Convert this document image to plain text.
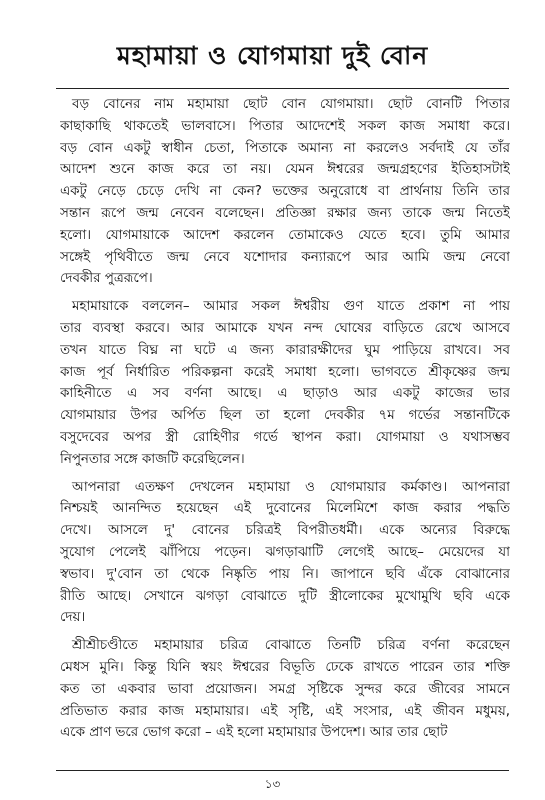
মহামায়া ও যোগমায়া দুই বোন
বড় বোনের নাম মহামায়া ছোট বোন যোগমায়া। ছোট বোনটি পিতার
কাছাকাছি থাকতেই ভালবাসে। পিতার আদেশেই সকল কাজ সমাধা করে।
বড় বোন একটু স্বাধীন চেতা, পিতাকে অমান্য না করলেও সর্বদাই যে তাঁর
আদেশ শুনে কাজ করে তা নয়। যেমন ঈশ্বরের জন্মগ্রহণের ইতিহাসটাই
একটু নেড়ে চেড়ে দেখি না কেন? ভক্তের অনুরোধে বা প্রার্থনায় তিনি তার
সন্তান রূপে জন্ম নেবেন বলেছেন। প্রতিজ্ঞা রক্ষার জন্য তাকে জন্ম নিতেই
হলো। যোগমায়াকে আদেশ করলেন তোমাকেও যেতে হবে। তুমি আমার
সঙ্গেই পৃথিবীতে জন্ম নেবে যশোদার কন্যারূপে আর আমি জন্ম নেবো
দেবকীর পুত্ররূপে।
মহামায়াকে বললেন– আমার সকল ঈশ্বরীয় গুণ যাতে প্রকাশ না পায়
তার ব্যবস্থা করবে। আর আমাকে যখন নন্দ ঘোষের বাড়িতে রেখে আসবে
তখন যাতে বিঘ্ন না ঘটে এ জন্য কারারক্ষীদের ঘুম পাড়িয়ে রাখবে। সব
কাজ পূর্ব নির্ধারিত পরিকল্পনা করেই সমাধা হলো। ভাগবতে শ্রীকৃষ্ণের জন্ম
কাহিনীতে এ সব বর্ণনা আছে। এ ছাড়াও আর একটু কাজের ভার
যোগমায়ার উপর অর্পিত ছিল তা হলো দেবকীর ৭ম গর্ভের সন্তানটিকে
বসুদেবের অপর স্ত্রী রোহিণীর গর্ভে স্থাপন করা। যোগমায়া ও যথাসম্ভব
নিপুনতার সঙ্গে কাজটি করেছিলেন।
আপনারা এতক্ষণ দেখলেন মহামায়া ও যোগমায়ার কর্মকাণ্ড। আপনারা
নিশ্চয়ই আনন্দিত হয়েছেন এই দুবোনের মিলেমিশে কাজ করার পদ্ধতি
দেখে। আসলে দু' বোনের চরিত্রই বিপরীতধর্মী। একে অন্যের বিরুদ্ধে
সুযোগ পেলেই ঝাঁপিয়ে পড়েন। ঝগড়াঝাটি লেগেই আছে– মেয়েদের যা
স্বভাব। দু'বোন তা থেকে নিষ্কৃতি পায় নি। জাপানে ছবি এঁকে বোঝানোর
রীতি আছে। সেখানে ঝগড়া বোঝাতে দুটি স্ত্রীলোকের মুখোমুখি ছবি একে
দেয়।
শ্রীশ্রীচণ্ডীতে মহামায়ার চরিত্র বোঝাতে তিনটি চরিত্র বর্ণনা করেছেন
মেধস মুনি। কিন্তু যিনি স্বয়ং ঈশ্বরের বিভূতি ঢেকে রাখতে পারেন তার শক্তি
কত তা একবার ভাবা প্রয়োজন। সমগ্র সৃষ্টিকে সুন্দর করে জীবের সামনে
প্রতিভাত করার কাজ মহামায়ার। এই সৃষ্টি, এই সংসার, এই জীবন মধুময়,
একে প্রাণ ভরে ভোগ করো – এই হলো মহামায়ার উপদেশ। আর তার ছোট
১৩
